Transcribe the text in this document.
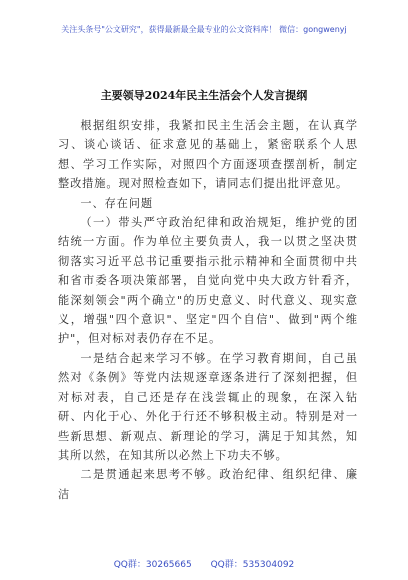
关注头条号"公文研究"，获得最新最全最专业的公文资料库！ 微信：gongwenyj
主要领导2024年民主生活会个人发言提纲

根据组织安排，我紧扣民主生活会主题，在认真学习、谈心谈话、征求意见的基础上，紧密联系个人思想、学习工作实际，对照四个方面逐项查摆剖析，制定整改措施。现对照检查如下，请同志们提出批评意见。

一、存在问题

（一）带头严守政治纪律和政治规矩，维护党的团结统一方面。作为单位主要负责人，我一以贯之坚决贯彻落实习近平总书记重要指示批示精神和全面贯彻中共和省市委各项决策部署，自觉向党中央大政方针看齐，能深刻领会"两个确立"的历史意义、时代意义、现实意义，增强"四个意识"、坚定"四个自信"、做到"两个维护"，但对标对表仍存在不足。

一是结合起来学习不够。在学习教育期间，自己虽然对《条例》等党内法规逐章逐条进行了深刻把握，但对标对表，自己还是存在浅尝辄止的现象，在深入钻研、内化于心、外化于行还不够积极主动。特别是对一些新思想、新观点、新理论的学习，满足于知其然，知其所以然，在知其所以必然上下功夫不够。

二是贯通起来思考不够。政治纪律、组织纪律、廉洁

QQ群：30265665 QQ群：535304092
